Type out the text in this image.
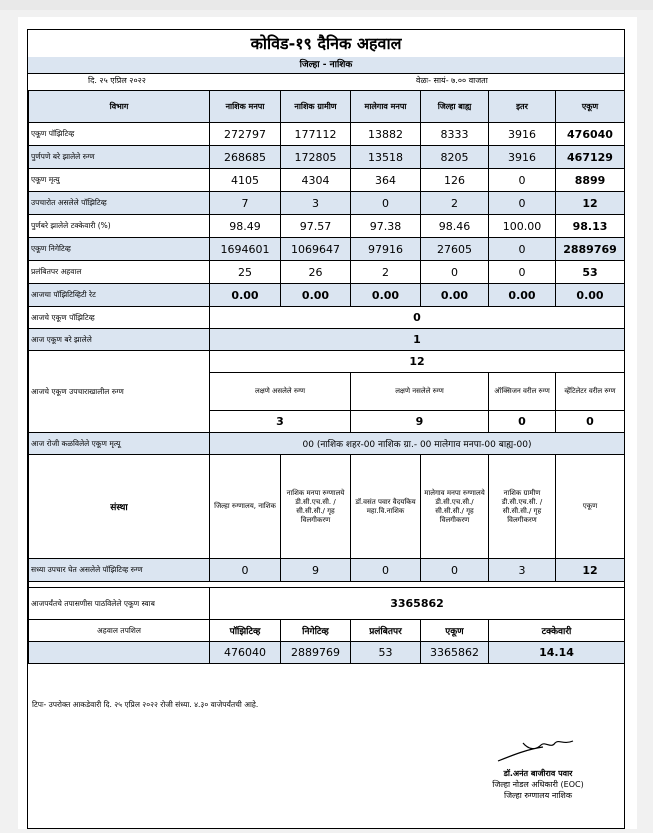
कोविड-१९ दैनिक अहवाल
जिल्हा - नाशिक
दि. २५ एप्रिल २०२२	वेळः- सायं- ७.०० वाजता
विभाग	नाशिक मनपा	नाशिक ग्रामीण	मालेगाव मनपा	जिल्हा बाह्य	इतर	एकूण
एकूण पॉझिटिव्ह	272797	177112	13882	8333	3916	476040
पुर्णपणे बरे झालेले रुग्ण	268685	172805	13518	8205	3916	467129
एकूण मृत्यु	4105	4304	364	126	0	8899
उपचारोत असलेले पॉझिटिव्ह	7	3	0	2	0	12
पुर्णबरे झालेले टक्केवारी (%)	98.49	97.57	97.38	98.46	100.00	98.13
एकूण निगेटिव्ह	1694601	1069647	97916	27605	0	2889769
प्रलंबितपर अहवाल	25	26	2	0	0	53
आजचा पॉझिटिव्हिटी रेट	0.00	0.00	0.00	0.00	0.00	0.00
आजचे एकूण पॉझिटिव्ह	0					
आज एकूण बरे झालेले	1					
आजचे एकूण उपचाराखालील रुग्ण	12					
	लक्षणे असलेले रुग्ण		लक्षणे नसलेले रुग्ण		ऑक्सिजन वरील रुग्ण	व्हेंटिलेटर वरील रुग्ण
	3		9		0	0
आज रोजी कळविलेले एकूण मृत्यू	00 (नाशिक शहर-00 नाशिक ग्रा.- 00 मालेगाव मनपा-00 बाह्य-00)					
संस्था	जिल्हा रुग्णालय, नाशिक	नाशिक मनपा रुग्णालये डी.सी.एच.सी. / सी.सी.सी./ गृह विलगीकरण	डॉ.वसंत पवार वैदयकिय महा.वि.नाशिक	मालेगाव मनपा रुग्णालये डी.सी.एच.सी./ सी.सी.सी./ गृह विलगीकरण	नाशिक ग्रामीण डी.सी.एच.सी. /सी.सी.सी./ गृह विलगीकरण	एकूण
सध्या उपचार घेत असलेले पॉझिटिव्ह रुग्ण	0	9	0	0	3	12

आजपर्यंतचे तपासणीस पाठविलेले एकूण स्वाब	3365862					
अहवाल तपशिल	पॉझिटिव्ह	निगेटिव्ह	प्रलंबितपर	एकूण	टक्केवारी	
	476040	2889769	53	3365862	14.14	
टिपः- उपरोक्त आकडेवारी दि. २५ एप्रिल २०२२ रोजी संध्या. ४.३० वाजेपर्यंतची आहे.
डॉ.अनंत बाजीराव पवार
जिल्हा नोडल अधिकारी (EOC)
जिल्हा रुग्णालय नाशिक
